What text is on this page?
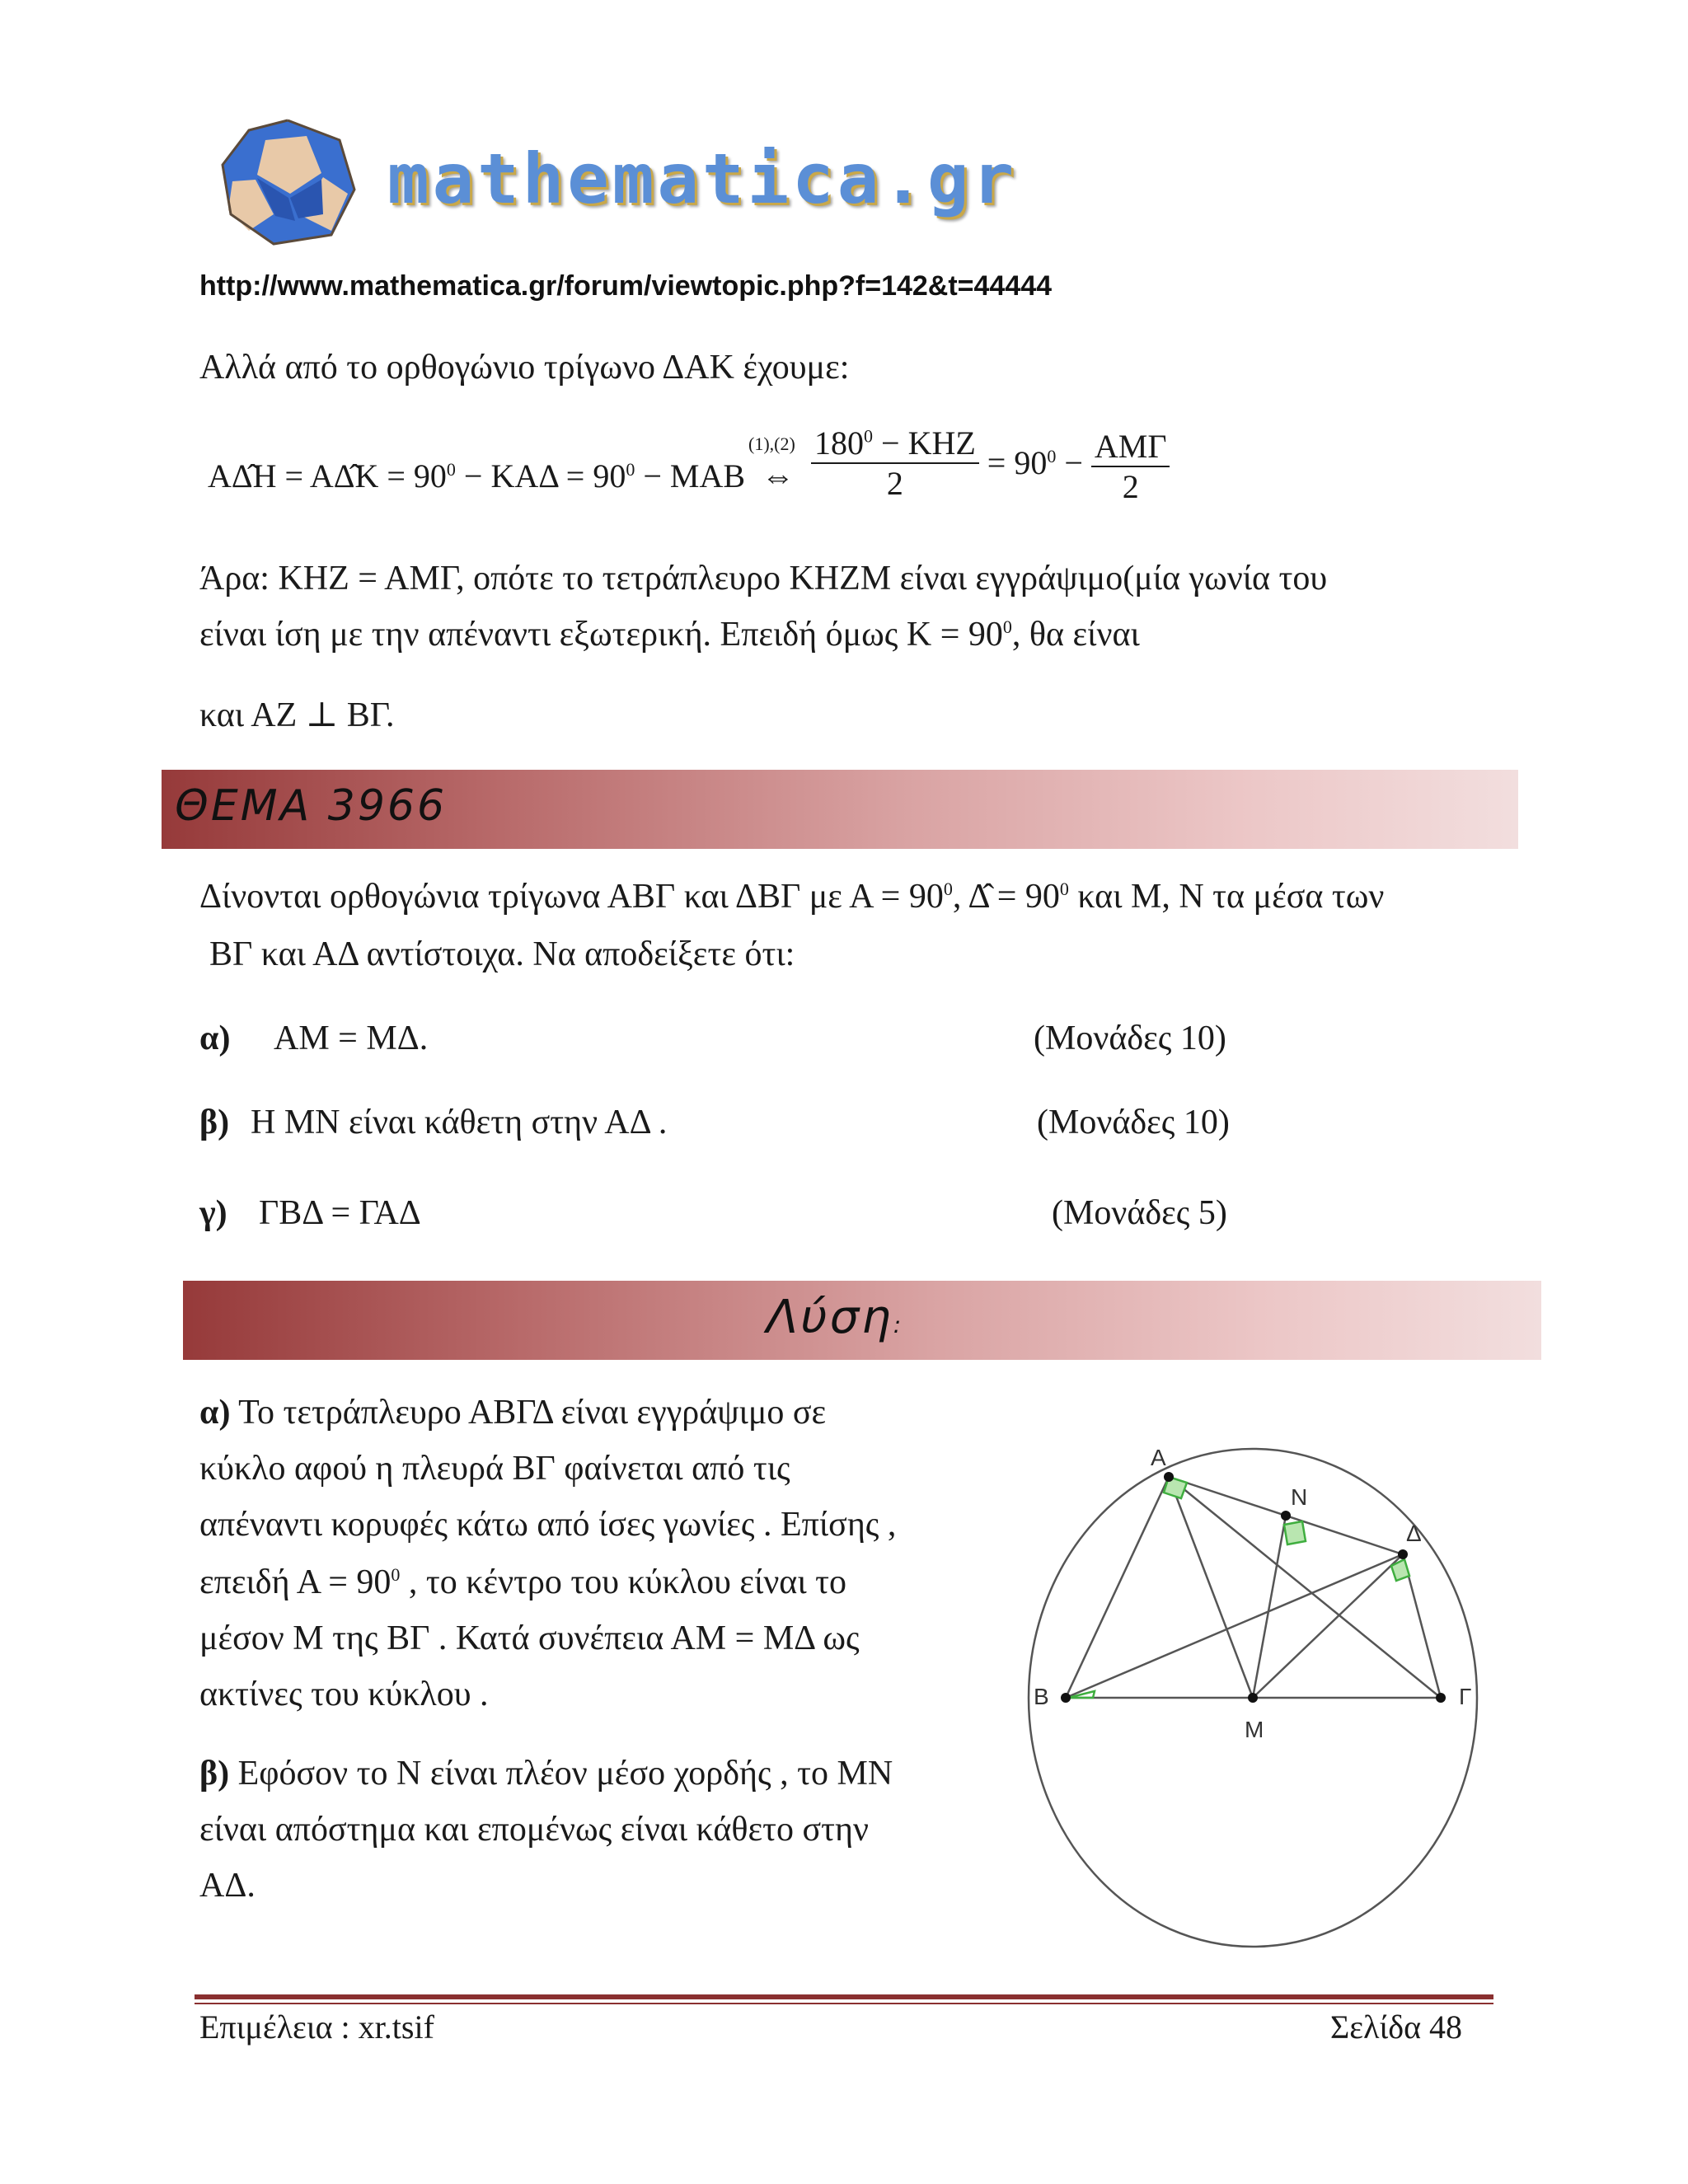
mathematica.gr
http://www.mathematica.gr/forum/viewtopic.php?f=142&t=44444
Αλλά από το ορθογώνιο τρίγωνο ΔΑΚ έχουμε:
ΑΔ̂Η = ΑΔ̂Κ = $90^0 - KA\Delta = 90^0 - MAB$
(1),(2)
⇔ $\frac{180^0 - KHZ}{2} = 90^0 - \frac{\text{ΑΜΓ}}{2}$
Άρα: ΚΗΖ = ΑΜΓ, οπότε το τετράπλευρο ΚΗΖΜ είναι εγγράψιμο(μία γωνία του
είναι ίση με την απέναντι εξωτερική. Επειδή όμως $K = 90^0$, θα είναι
και ΑΖ ⊥ ΒΓ.
ΘΕΜΑ 3966
Δίνονται ορθογώνια τρίγωνα ΑΒΓ και ΔΒΓ με $A = 90^0$, Δ̂ = $90^0$ και Μ, Ν τα μέσα των
ΒΓ και ΑΔ αντίστοιχα. Να αποδείξετε ότι:
α) ΑΜ = ΜΔ.	(Μονάδες 10)
β) Η ΜΝ είναι κάθετη στην ΑΔ .	(Μονάδες 10)
γ) ΓΒΔ = ΓΑΔ	(Μονάδες 5)
Λύση:
α) Το τετράπλευρο ΑΒΓΔ είναι εγγράψιμο σε
κύκλο αφού η πλευρά ΒΓ φαίνεται από τις
απέναντι κορυφές κάτω από ίσες γωνίες . Επίσης ,
επειδή $A = 90^0$ , το κέντρο του κύκλου είναι το
μέσον Μ της ΒΓ . Κατά συνέπεια ΑΜ = ΜΔ ως
ακτίνες του κύκλου .
β) Εφόσον το Ν είναι πλέον μέσο χορδής , το ΜΝ
είναι απόστημα και επομένως είναι κάθετο στην
ΑΔ.
A
N
Δ
B
M
Γ
Επιμέλεια : xr.tsif	Σελίδα 48
